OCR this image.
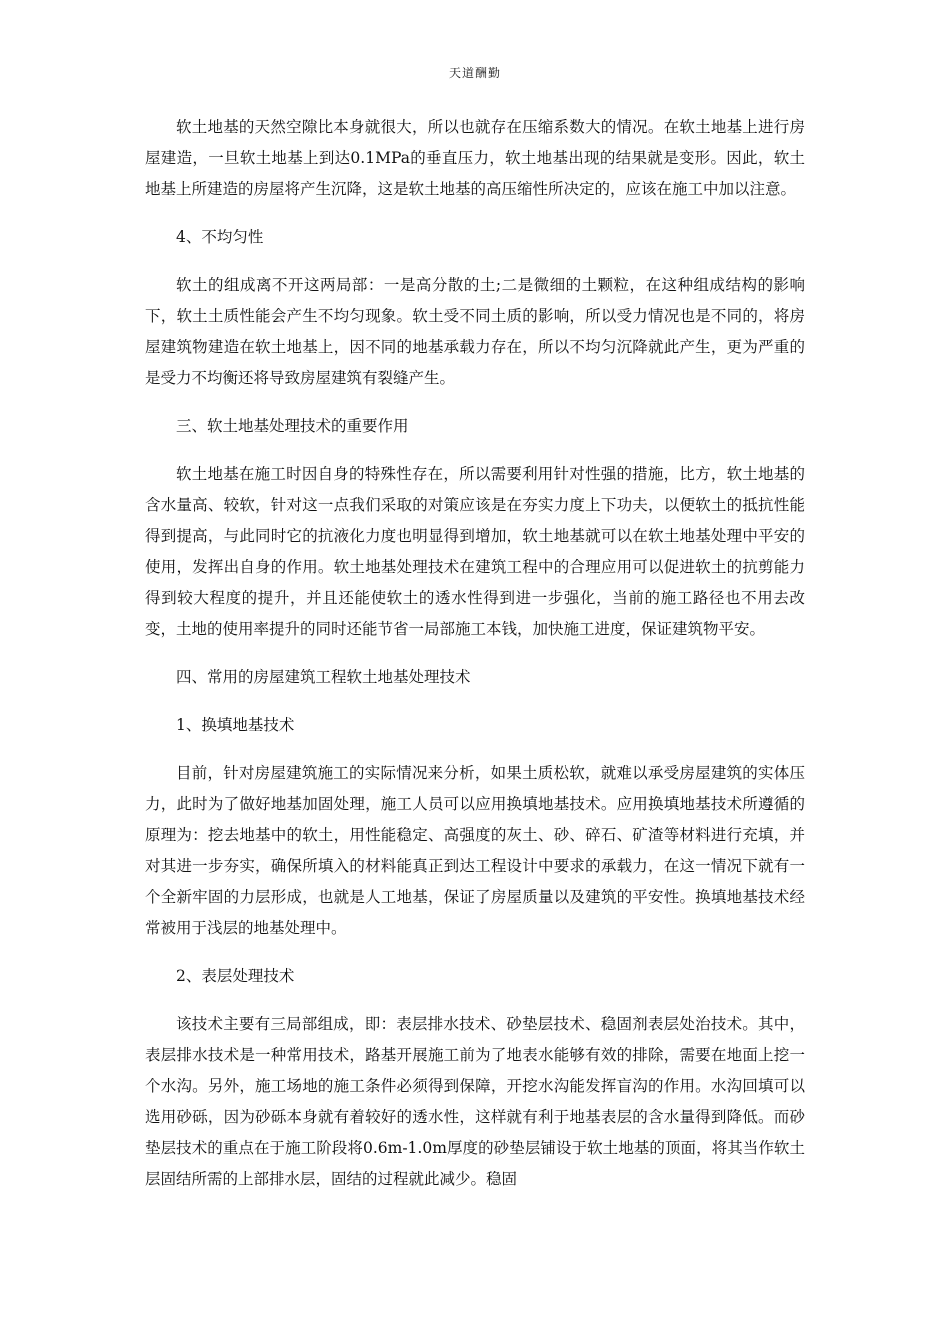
天道酬勤

软土地基的天然空隙比本身就很大，所以也就存在压缩系数大的情况。在软土地基上进行房屋建造，一旦软土地基上到达0.1MPa的垂直压力，软土地基出现的结果就是变形。因此，软土地基上所建造的房屋将产生沉降，这是软土地基的高压缩性所决定的，应该在施工中加以注意。

4、不均匀性

软土的组成离不开这两局部：一是高分散的土;二是微细的土颗粒，在这种组成结构的影响下，软土土质性能会产生不均匀现象。软土受不同土质的影响，所以受力情况也是不同的，将房屋建筑物建造在软土地基上，因不同的地基承载力存在，所以不均匀沉降就此产生，更为严重的是受力不均衡还将导致房屋建筑有裂缝产生。

三、软土地基处理技术的重要作用

软土地基在施工时因自身的特殊性存在，所以需要利用针对性强的措施，比方，软土地基的含水量高、较软，针对这一点我们采取的对策应该是在夯实力度上下功夫，以便软土的抵抗性能得到提高，与此同时它的抗液化力度也明显得到增加，软土地基就可以在软土地基处理中平安的使用，发挥出自身的作用。软土地基处理技术在建筑工程中的合理应用可以促进软土的抗剪能力得到较大程度的提升，并且还能使软土的透水性得到进一步强化，当前的施工路径也不用去改变，土地的使用率提升的同时还能节省一局部施工本钱，加快施工进度，保证建筑物平安。

四、常用的房屋建筑工程软土地基处理技术

1、换填地基技术

目前，针对房屋建筑施工的实际情况来分析，如果土质松软，就难以承受房屋建筑的实体压力，此时为了做好地基加固处理，施工人员可以应用换填地基技术。应用换填地基技术所遵循的原理为：挖去地基中的软土，用性能稳定、高强度的灰土、砂、碎石、矿渣等材料进行充填，并对其进一步夯实，确保所填入的材料能真正到达工程设计中要求的承载力，在这一情况下就有一个全新牢固的力层形成，也就是人工地基，保证了房屋质量以及建筑的平安性。换填地基技术经常被用于浅层的地基处理中。

2、表层处理技术

该技术主要有三局部组成，即：表层排水技术、砂垫层技术、稳固剂表层处治技术。其中，表层排水技术是一种常用技术，路基开展施工前为了地表水能够有效的排除，需要在地面上挖一个水沟。另外，施工场地的施工条件必须得到保障，开挖水沟能发挥盲沟的作用。水沟回填可以选用砂砾，因为砂砾本身就有着较好的透水性，这样就有利于地基表层的含水量得到降低。而砂垫层技术的重点在于施工阶段将0.6m-1.0m厚度的砂垫层铺设于软土地基的顶面，将其当作软土层固结所需的上部排水层，固结的过程就此减少。稳固
